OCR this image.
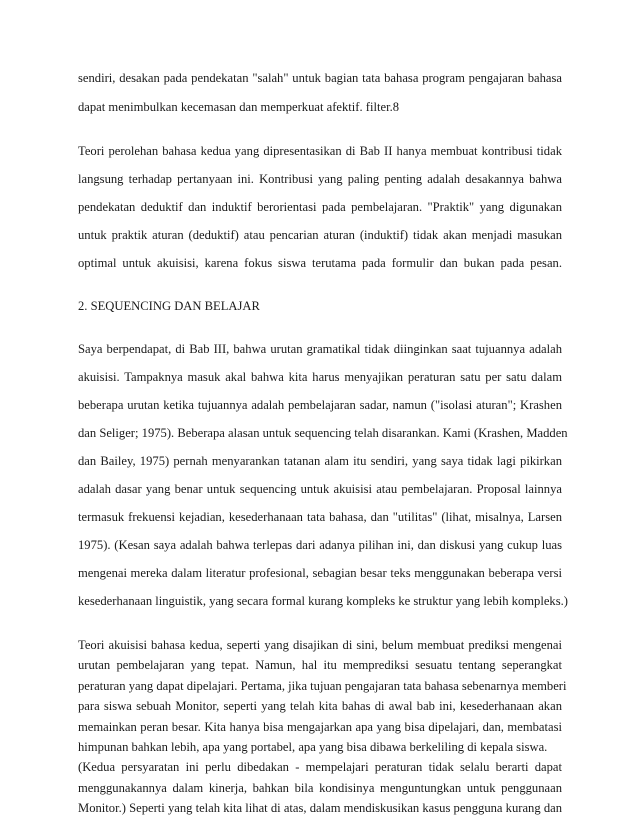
sendiri, desakan pada pendekatan "salah" untuk bagian tata bahasa program pengajaran bahasa
dapat menimbulkan kecemasan dan memperkuat afektif. filter.8
Teori perolehan bahasa kedua yang dipresentasikan di Bab II hanya membuat kontribusi tidak
langsung terhadap pertanyaan ini. Kontribusi yang paling penting adalah desakannya bahwa
pendekatan deduktif dan induktif berorientasi pada pembelajaran. "Praktik" yang digunakan
untuk praktik aturan (deduktif) atau pencarian aturan (induktif) tidak akan menjadi masukan
optimal untuk akuisisi, karena fokus siswa terutama pada formulir dan bukan pada pesan.
2. SEQUENCING DAN BELAJAR
Saya berpendapat, di Bab III, bahwa urutan gramatikal tidak diinginkan saat tujuannya adalah
akuisisi. Tampaknya masuk akal bahwa kita harus menyajikan peraturan satu per satu dalam
beberapa urutan ketika tujuannya adalah pembelajaran sadar, namun ("isolasi aturan"; Krashen
dan Seliger; 1975). Beberapa alasan untuk sequencing telah disarankan. Kami (Krashen, Madden
dan Bailey, 1975) pernah menyarankan tatanan alam itu sendiri, yang saya tidak lagi pikirkan
adalah dasar yang benar untuk sequencing untuk akuisisi atau pembelajaran. Proposal lainnya
termasuk frekuensi kejadian, kesederhanaan tata bahasa, dan "utilitas" (lihat, misalnya, Larsen
1975). (Kesan saya adalah bahwa terlepas dari adanya pilihan ini, dan diskusi yang cukup luas
mengenai mereka dalam literatur profesional, sebagian besar teks menggunakan beberapa versi
kesederhanaan linguistik, yang secara formal kurang kompleks ke struktur yang lebih kompleks.)
Teori akuisisi bahasa kedua, seperti yang disajikan di sini, belum membuat prediksi mengenai
urutan pembelajaran yang tepat. Namun, hal itu memprediksi sesuatu tentang seperangkat
peraturan yang dapat dipelajari. Pertama, jika tujuan pengajaran tata bahasa sebenarnya memberi
para siswa sebuah Monitor, seperti yang telah kita bahas di awal bab ini, kesederhanaan akan
memainkan peran besar. Kita hanya bisa mengajarkan apa yang bisa dipelajari, dan, membatasi
himpunan bahkan lebih, apa yang portabel, apa yang bisa dibawa berkeliling di kepala siswa.
(Kedua persyaratan ini perlu dibedakan - mempelajari peraturan tidak selalu berarti dapat
menggunakannya dalam kinerja, bahkan bila kondisinya menguntungkan untuk penggunaan
Monitor.) Seperti yang telah kita lihat di atas, dalam mendiskusikan kasus pengguna kurang dan
